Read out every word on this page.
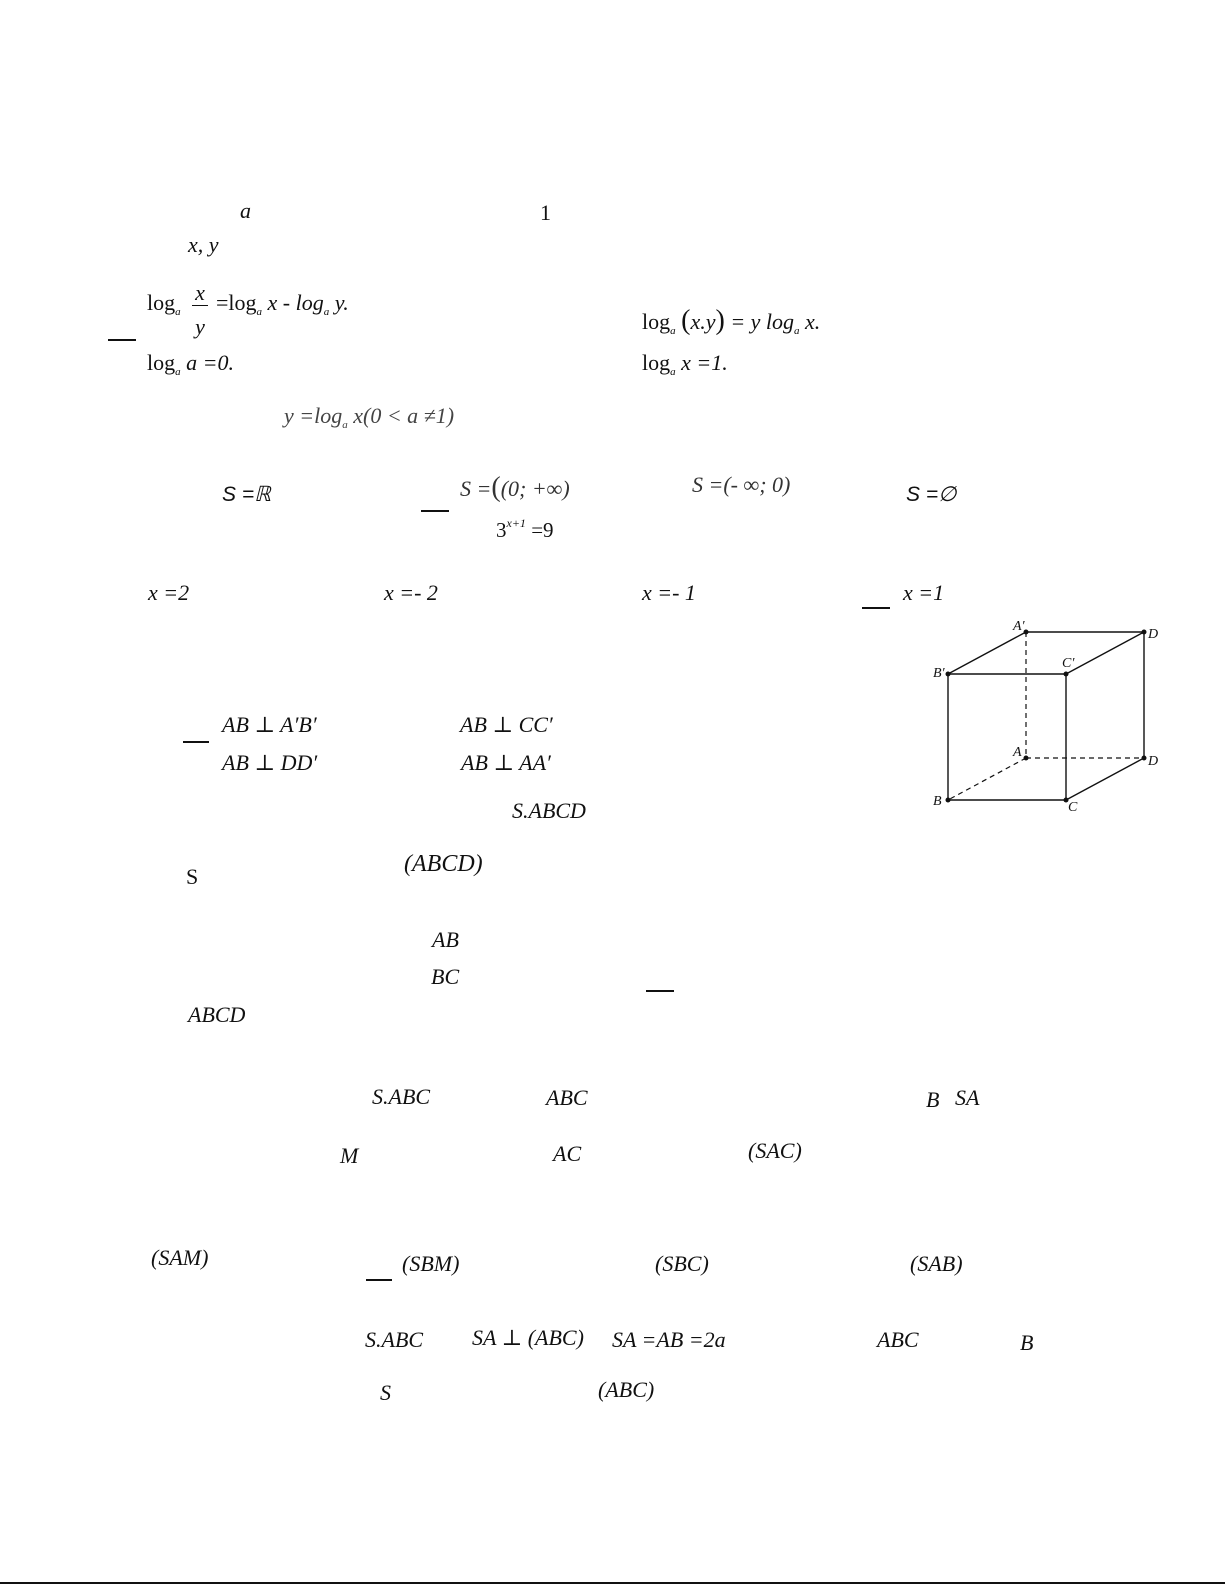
a	1
x, y
$\log_a$
x
y
$=\log_a$ x - $\log_a y$.
$\log_a (x.y) = y$ $\log_a x$.
$\log_a a =0$.	$\log_a x =1$.
$y =\log_a$ x(0 < a ≠1)
S =ℝ	S =((0; +∞)	S =(- ∞; 0)	S =∅
$3^{x+1} =9$
x =2	x =- 2	x =- 1	x =1
AB ⊥ A′B′	AB ⊥ CC′
AB ⊥ DD′	AB ⊥ AA′
A′
D
B′
C′
A
D
B	C
S.ABCD
S	(ABCD)
AB
BC
ABCD
S.ABC	ABC	B SA
M	AC	(SAC)
(SAM)	(SBM)	(SBC)	(SAB)
S.ABC SA ⊥ (ABC) SA =AB =2a	ABC	B
S	(ABC)
